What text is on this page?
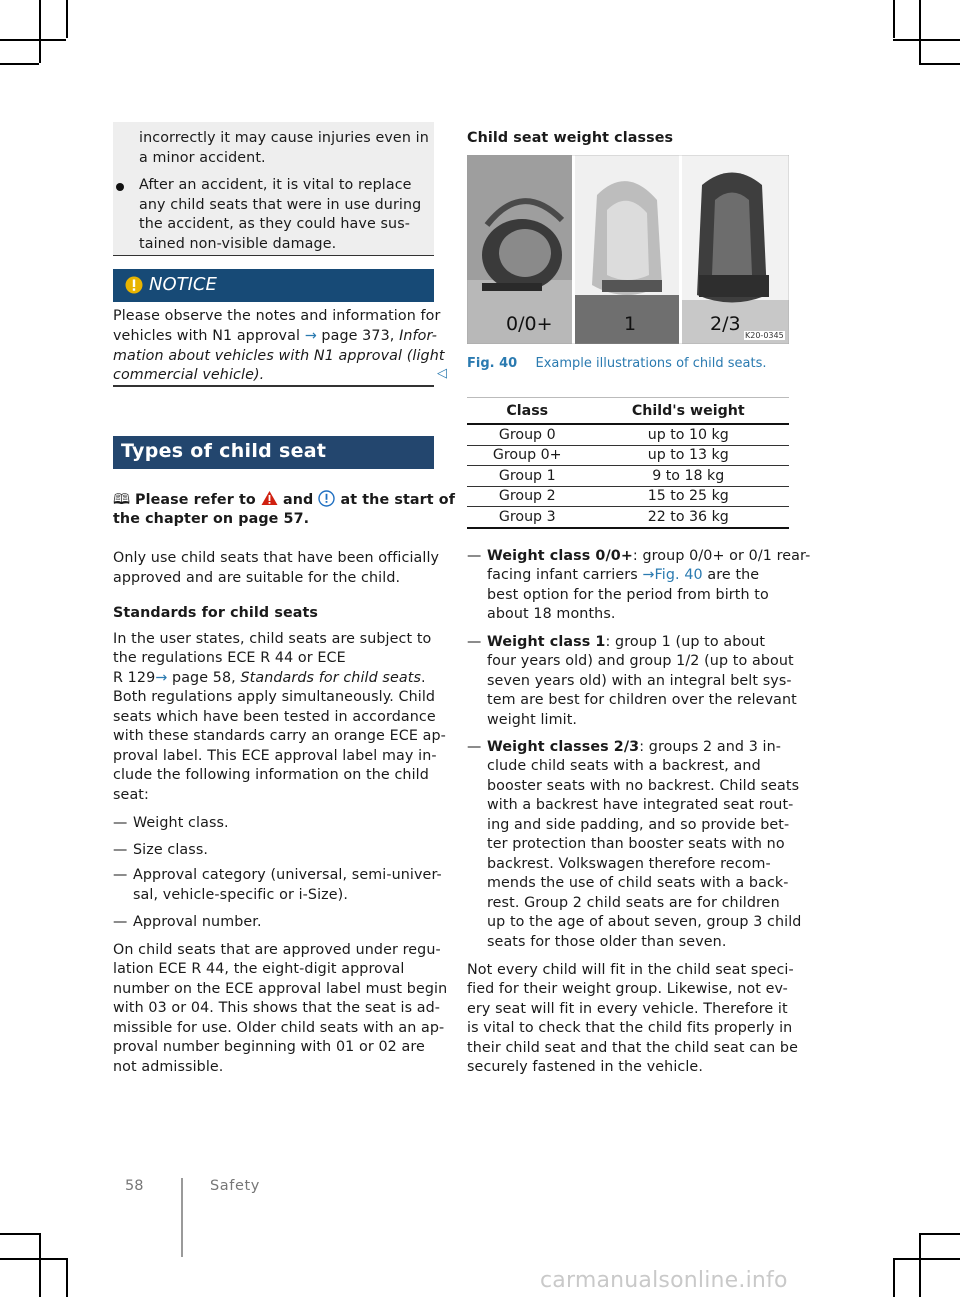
incorrectly it may cause injuries even in
a minor accident.
After an accident, it is vital to replace
any child seats that were in use during
the accident, as they could have sus-
tained non-visible damage.
NOTICE
Please observe the notes and information for
vehicles with N1 approval → page 373, Infor-
mation about vehicles with N1 approval (light
commercial vehicle).	◁
Types of child seat
🕮 Please refer to  and  at the start of
the chapter on page 57.
Only use child seats that have been officially
approved and are suitable for the child.
Standards for child seats
In the user states, child seats are subject to
the regulations ECE R 44 or ECE
R 129→ page 58, Standards for child seats.
Both regulations apply simultaneously. Child
seats which have been tested in accordance
with these standards carry an orange ECE ap-
proval label. This ECE approval label may in-
clude the following information on the child
seat:
— Weight class.
— Size class.
— Approval category (universal, semi-univer-
sal, vehicle-specific or i-Size).
— Approval number.
On child seats that are approved under regu-
lation ECE R 44, the eight-digit approval
number on the ECE approval label must begin
with 03 or 04. This shows that the seat is ad-
missible for use. Older child seats with an ap-
proval number beginning with 01 or 02 are
not admissible.
Child seat weight classes
0/0+	1	2/3
K20-0345
Fig. 40 Example illustrations of child seats.
Class	Child's weight
Group 0	up to 10 kg
Group 0+	up to 13 kg
Group 1	9 to 18 kg
Group 2	15 to 25 kg
Group 3	22 to 36 kg
— Weight class 0/0+: group 0/0+ or 0/1 rear-
facing infant carriers →Fig. 40 are the
best option for the period from birth to
about 18 months.
— Weight class 1: group 1 (up to about
four years old) and group 1/2 (up to about
seven years old) with an integral belt sys-
tem are best for children over the relevant
weight limit.
— Weight classes 2/3: groups 2 and 3 in-
clude child seats with a backrest, and
booster seats with no backrest. Child seats
with a backrest have integrated seat rout-
ing and side padding, and so provide bet-
ter protection than booster seats with no
backrest. Volkswagen therefore recom-
mends the use of child seats with a back-
rest. Group 2 child seats are for children
up to the age of about seven, group 3 child
seats for those older than seven.
Not every child will fit in the child seat speci-
fied for their weight group. Likewise, not ev-
ery seat will fit in every vehicle. Therefore it
is vital to check that the child fits properly in
their child seat and that the child seat can be
securely fastened in the vehicle.
58	Safety
carmanualsonline.info
